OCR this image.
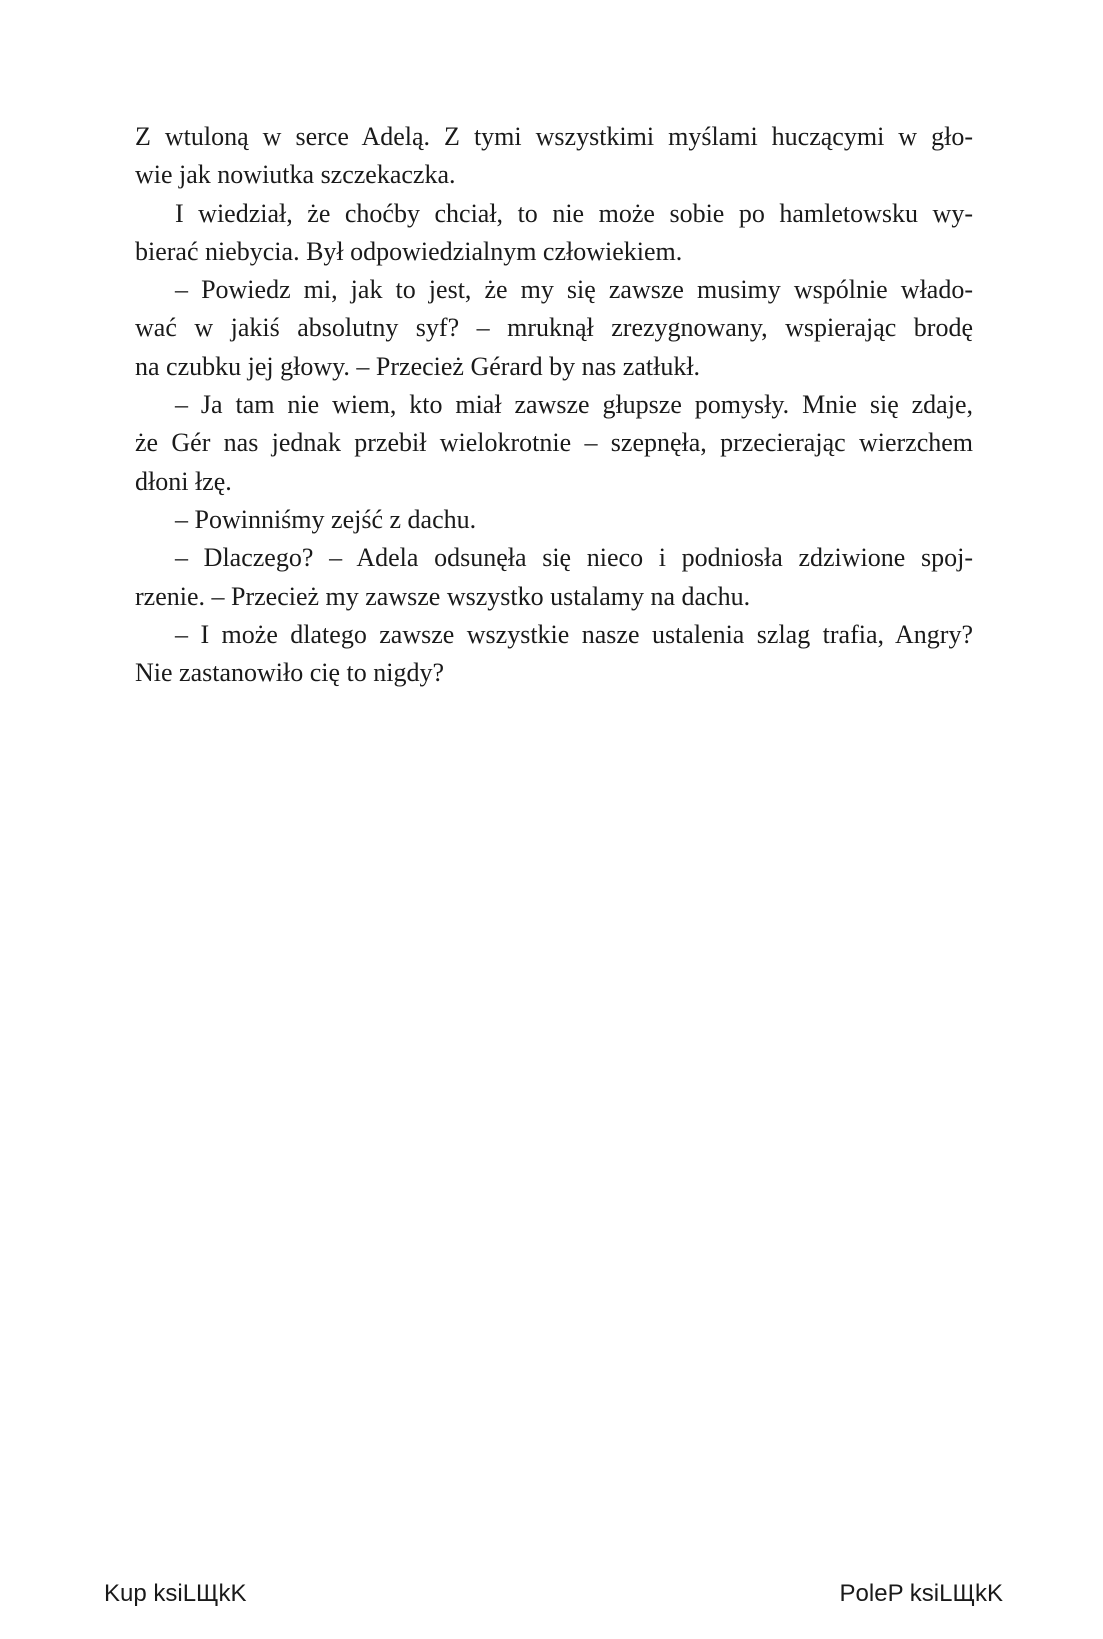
Z wtuloną w serce Adelą. Z tymi wszystkimi myślami huczącymi w gło-
wie jak nowiutka szczekaczka.
I wiedział, że choćby chciał, to nie może sobie po hamletowsku wy-
bierać niebycia. Był odpowiedzialnym człowiekiem.
– Powiedz mi, jak to jest, że my się zawsze musimy wspólnie włado-
wać w jakiś absolutny syf? – mruknął zrezygnowany, wspierając brodę
na czubku jej głowy. – Przecież Gérard by nas zatłukł.
– Ja tam nie wiem, kto miał zawsze głupsze pomysły. Mnie się zdaje,
że Gér nas jednak przebił wielokrotnie – szepnęła, przecierając wierzchem
dłoni łzę.
– Powinniśmy zejść z dachu.
– Dlaczego? – Adela odsunęła się nieco i podniosła zdziwione spoj-
rzenie. – Przecież my zawsze wszystko ustalamy na dachu.
– I może dlatego zawsze wszystkie nasze ustalenia szlag trafia, Angry?
Nie zastanowiło cię to nigdy?
Kup ksiLЩkK	PoleP ksiLЩkK
